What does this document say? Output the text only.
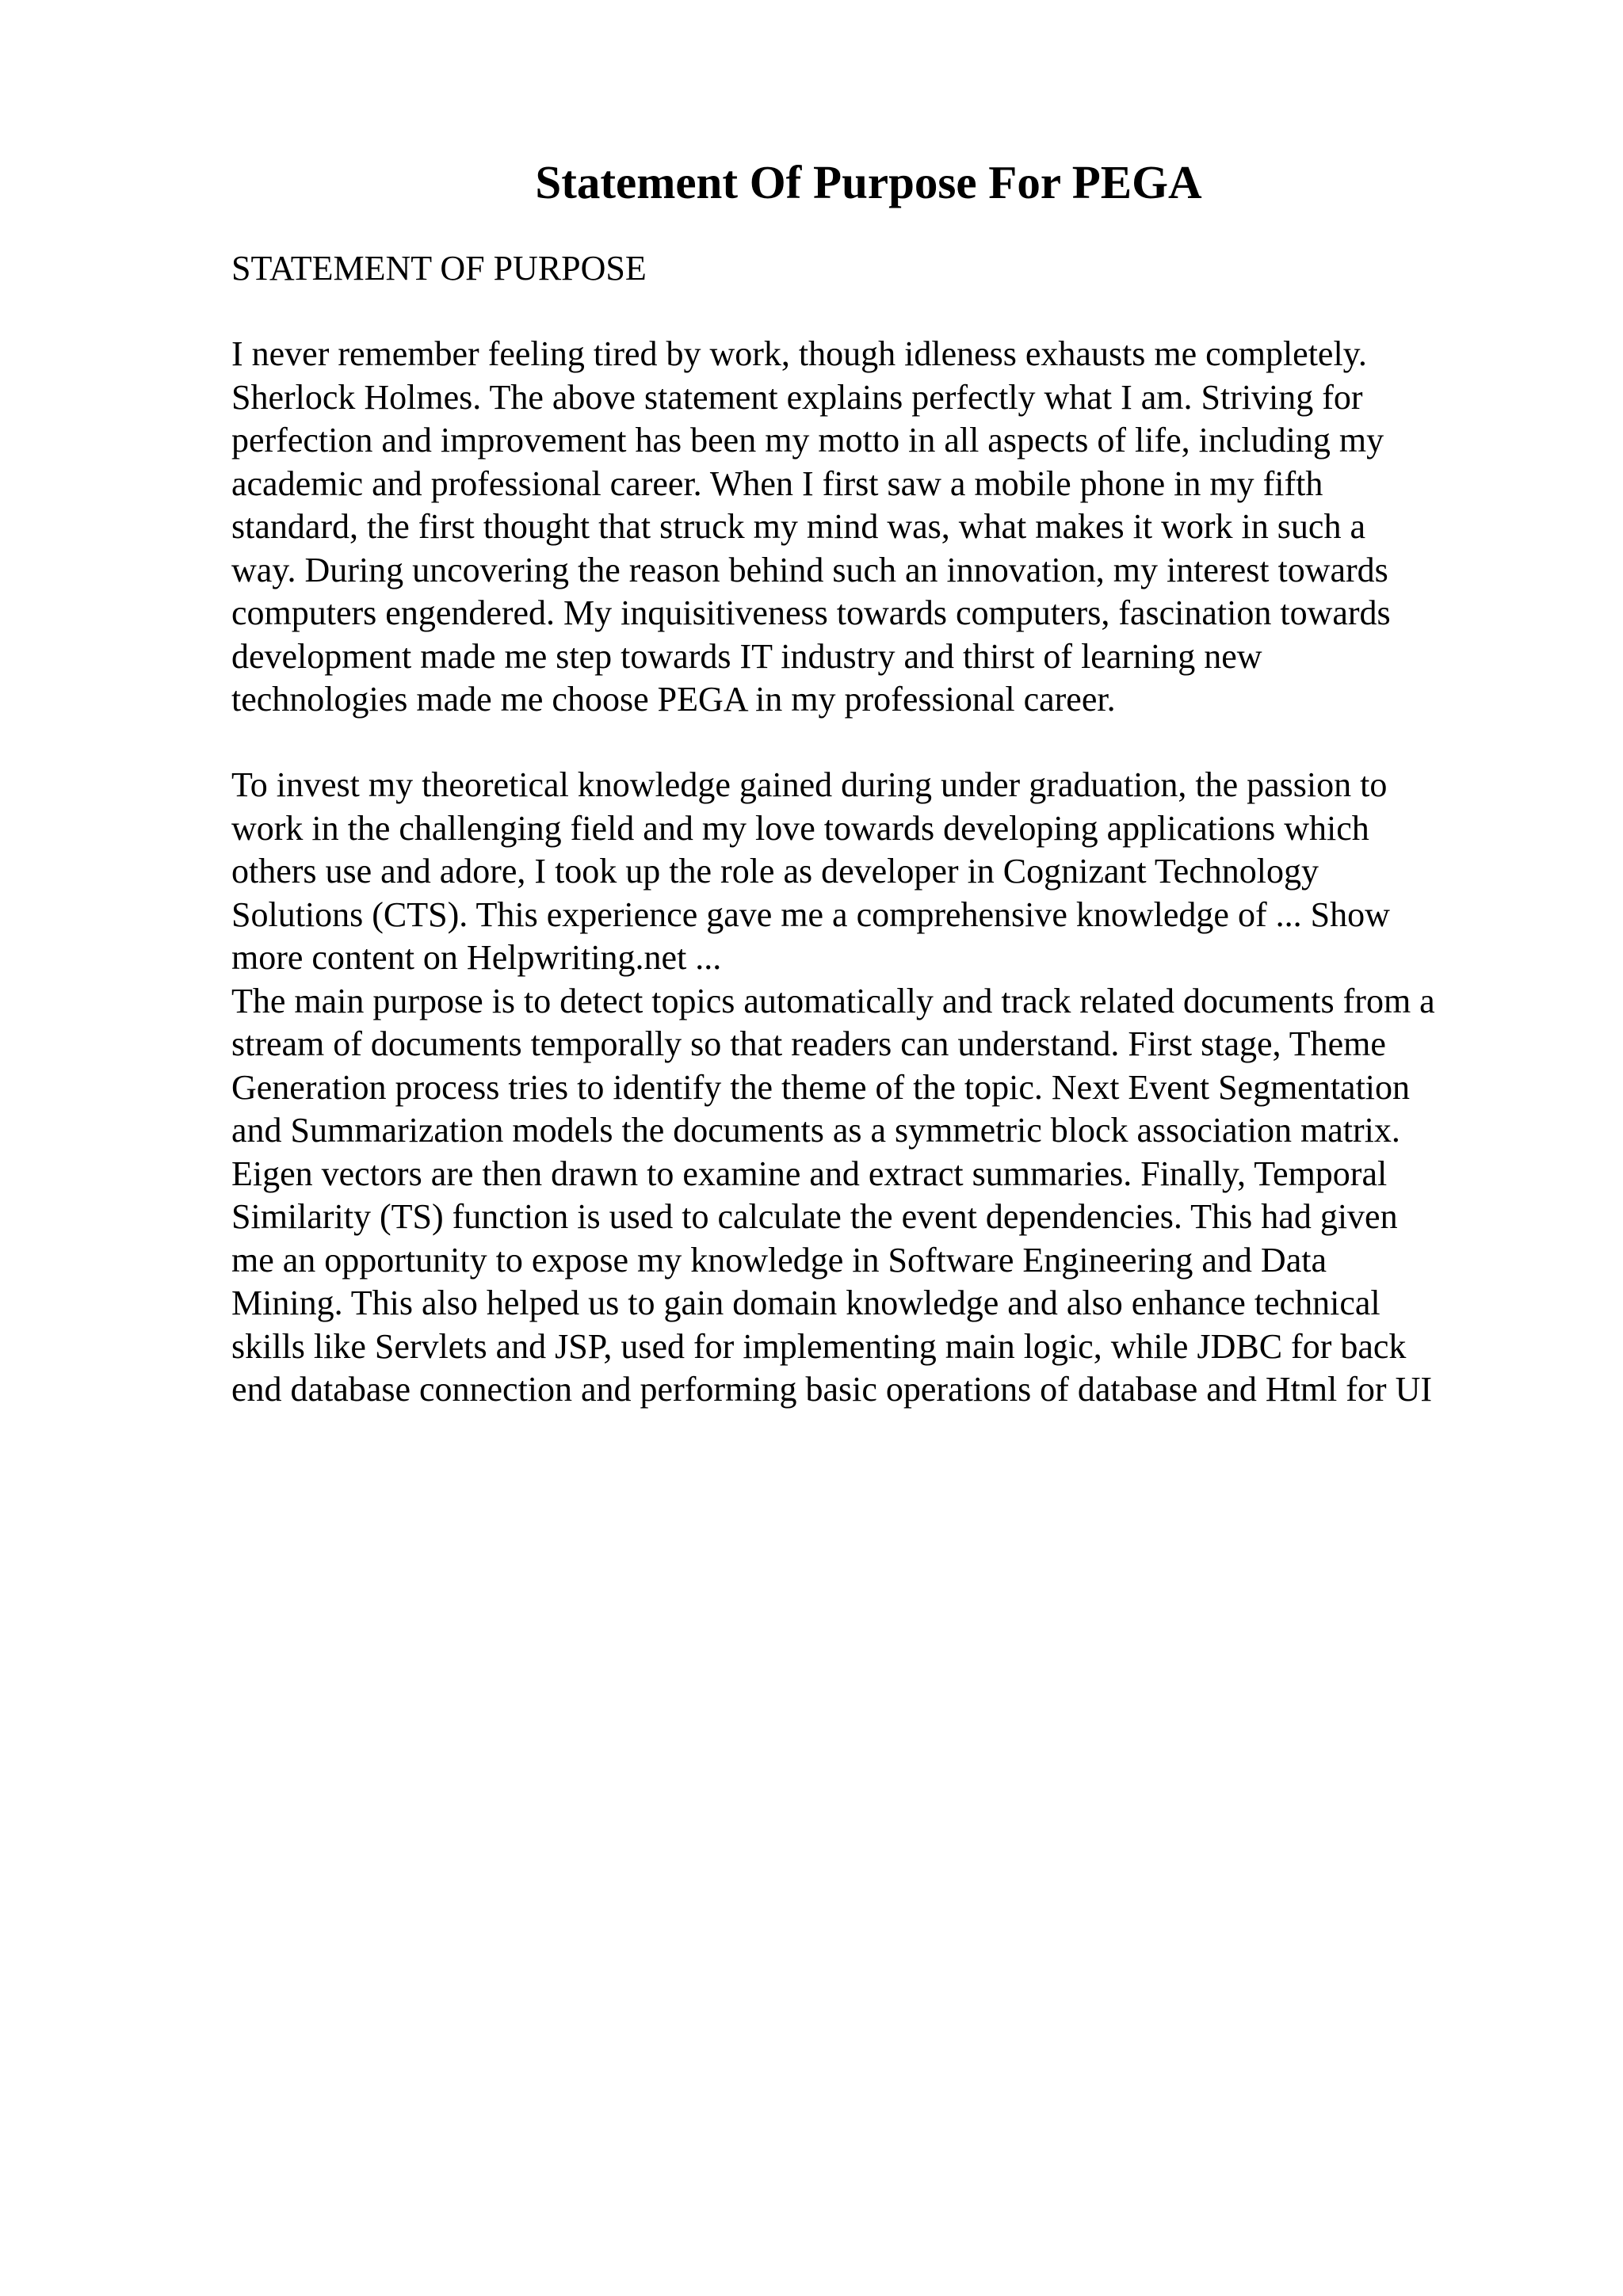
Statement Of Purpose For PEGA

STATEMENT OF PURPOSE

I never remember feeling tired by work, though idleness exhausts me completely.
Sherlock Holmes. The above statement explains perfectly what I am. Striving for
perfection and improvement has been my motto in all aspects of life, including my
academic and professional career. When I first saw a mobile phone in my fifth
standard, the first thought that struck my mind was, what makes it work in such a
way. During uncovering the reason behind such an innovation, my interest towards
computers engendered. My inquisitiveness towards computers, fascination towards
development made me step towards IT industry and thirst of learning new
technologies made me choose PEGA in my professional career.

To invest my theoretical knowledge gained during under graduation, the passion to
work in the challenging field and my love towards developing applications which
others use and adore, I took up the role as developer in Cognizant Technology
Solutions (CTS). This experience gave me a comprehensive knowledge of ... Show
more content on Helpwriting.net ...
The main purpose is to detect topics automatically and track related documents from a
stream of documents temporally so that readers can understand. First stage, Theme
Generation process tries to identify the theme of the topic. Next Event Segmentation
and Summarization models the documents as a symmetric block association matrix.
Eigen vectors are then drawn to examine and extract summaries. Finally, Temporal
Similarity (TS) function is used to calculate the event dependencies. This had given
me an opportunity to expose my knowledge in Software Engineering and Data
Mining. This also helped us to gain domain knowledge and also enhance technical
skills like Servlets and JSP, used for implementing main logic, while JDBC for back
end database connection and performing basic operations of database and Html for UI
